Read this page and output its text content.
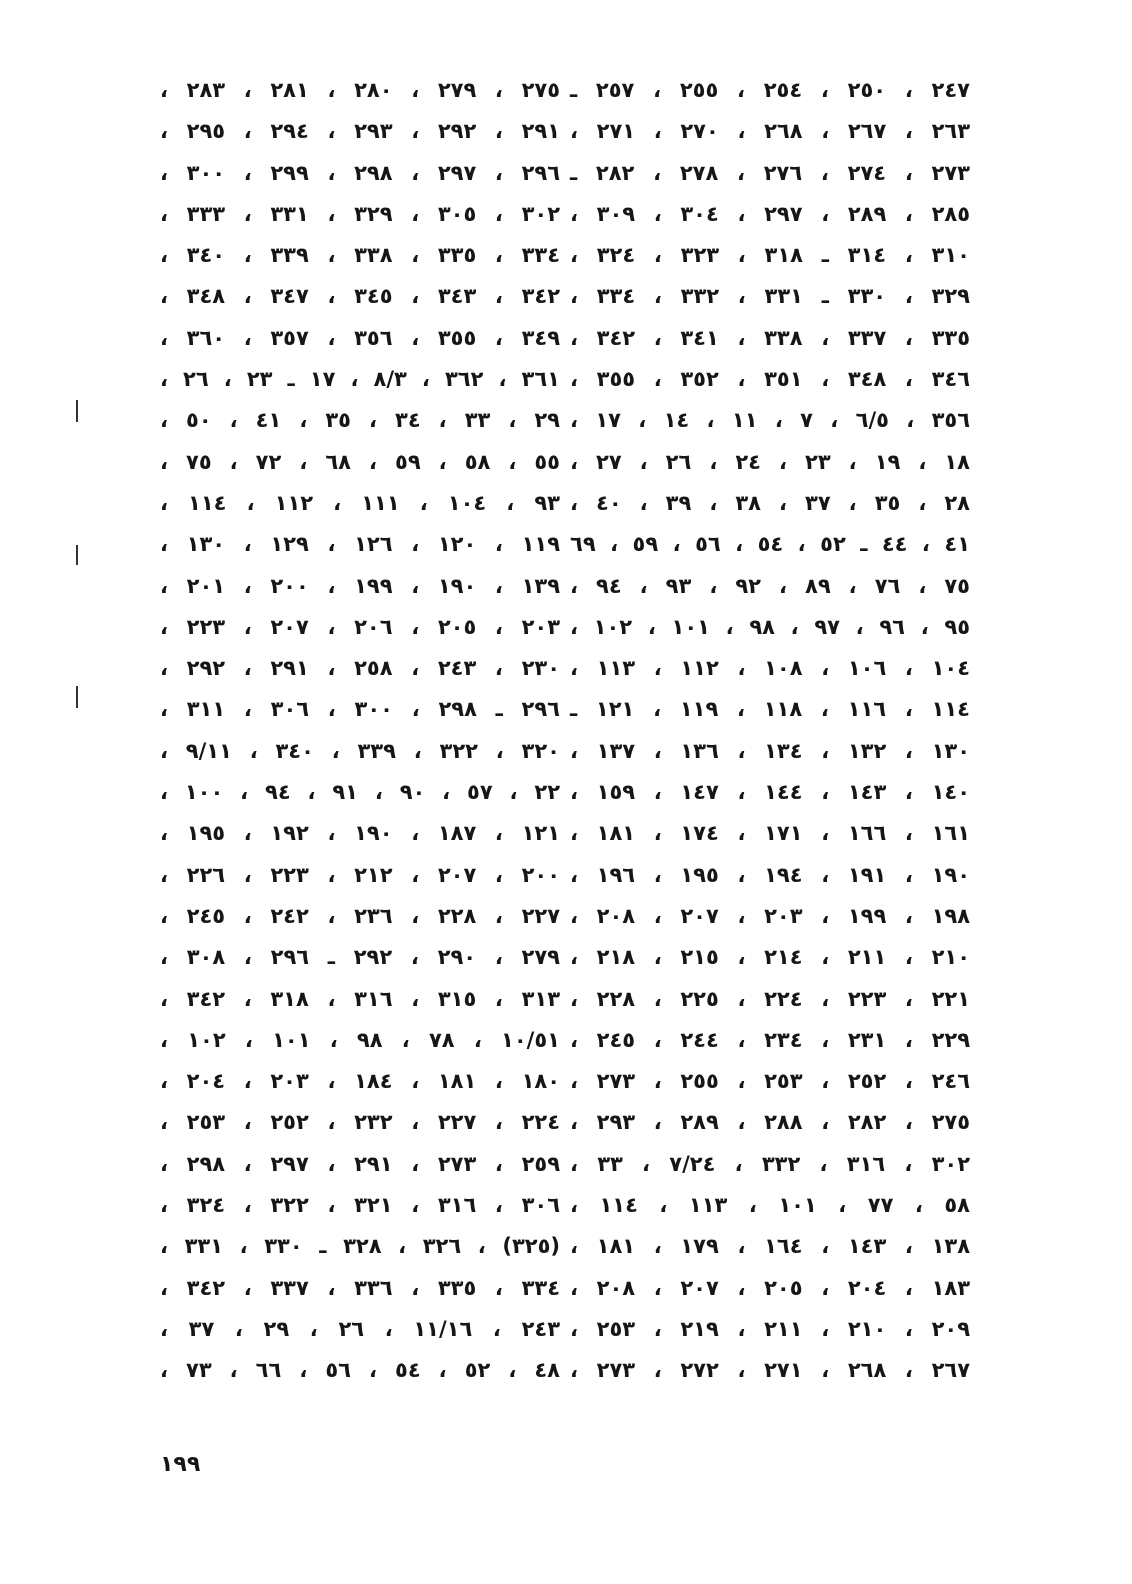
٢٤٧ ، ٢٥٠ ، ٢٥٤ ، ٢٥٥ ، ٢٥٧ ـ
٢٦٣ ، ٢٦٧ ، ٢٦٨ ، ٢٧٠ ، ٢٧١ ،
٢٧٣ ، ٢٧٤ ، ٢٧٦ ، ٢٧٨ ، ٢٨٢ ـ
٢٨٥ ، ٢٨٩ ، ٢٩٧ ، ٣٠٤ ، ٣٠٩ ،
٣١٠ ، ٣١٤ ـ ٣١٨ ، ٣٢٣ ، ٣٢٤ ،
٣٢٩ ، ٣٣٠ ـ ٣٣١ ، ٣٣٢ ، ٣٣٤ ،
٣٣٥ ، ٣٣٧ ، ٣٣٨ ، ٣٤١ ، ٣٤٢ ،
٣٤٦ ، ٣٤٨ ، ٣٥١ ، ٣٥٢ ، ٣٥٥ ،
٣٥٦ ، ٦/٥ ، ٧ ، ١١ ، ١٤ ، ١٧ ،
١٨ ، ١٩ ، ٢٣ ، ٢٤ ، ٢٦ ، ٢٧ ،
٢٨ ، ٣٥ ، ٣٧ ، ٣٨ ، ٣٩ ، ٤٠ ،
٤١ ، ٤٤ ـ ٥٢ ، ٥٤ ، ٥٦ ، ٥٩ ، ٦٩
٧٥ ، ٧٦ ، ٨٩ ، ٩٢ ، ٩٣ ، ٩٤ ،
٩٥ ، ٩٦ ، ٩٧ ، ٩٨ ، ١٠١ ، ١٠٢ ،
١٠٤ ، ١٠٦ ، ١٠٨ ، ١١٢ ، ١١٣ ،
١١٤ ، ١١٦ ، ١١٨ ، ١١٩ ، ١٢١ ـ
١٣٠ ، ١٣٢ ، ١٣٤ ، ١٣٦ ، ١٣٧ ،
١٤٠ ، ١٤٣ ، ١٤٤ ، ١٤٧ ، ١٥٩ ،
١٦١ ، ١٦٦ ، ١٧١ ، ١٧٤ ، ١٨١ ،
١٩٠ ، ١٩١ ، ١٩٤ ، ١٩٥ ، ١٩٦ ،
١٩٨ ، ١٩٩ ، ٢٠٣ ، ٢٠٧ ، ٢٠٨ ،
٢١٠ ، ٢١١ ، ٢١٤ ، ٢١٥ ، ٢١٨ ،
٢٢١ ، ٢٢٣ ، ٢٢٤ ، ٢٢٥ ، ٢٢٨ ،
٢٢٩ ، ٢٣١ ، ٢٣٤ ، ٢٤٤ ، ٢٤٥ ،
٢٤٦ ، ٢٥٢ ، ٢٥٣ ، ٢٥٥ ، ٢٧٣ ،
٢٧٥ ، ٢٨٢ ، ٢٨٨ ، ٢٨٩ ، ٢٩٣ ،
٣٠٢ ، ٣١٦ ، ٣٣٢ ، ٧/٢٤ ، ٣٣ ،
٥٨ ، ٧٧ ، ١٠١ ، ١١٣ ، ١١٤ ،
١٣٨ ، ١٤٣ ، ١٦٤ ، ١٧٩ ، ١٨١ ،
١٨٣ ، ٢٠٤ ، ٢٠٥ ، ٢٠٧ ، ٢٠٨ ،
٢٠٩ ، ٢١٠ ، ٢١١ ، ٢١٩ ، ٢٥٣ ،
٢٦٧ ، ٢٦٨ ، ٢٧١ ، ٢٧٢ ، ٢٧٣ ،
٢٧٥ ، ٢٧٩ ، ٢٨٠ ، ٢٨١ ، ٢٨٣ ،
٢٩١ ، ٢٩٢ ، ٢٩٣ ، ٢٩٤ ، ٢٩٥ ،
٢٩٦ ، ٢٩٧ ، ٢٩٨ ، ٢٩٩ ، ٣٠٠ ،
٣٠٢ ، ٣٠٥ ، ٣٢٩ ، ٣٣١ ، ٣٣٣ ،
٣٣٤ ، ٣٣٥ ، ٣٣٨ ، ٣٣٩ ، ٣٤٠ ،
٣٤٢ ، ٣٤٣ ، ٣٤٥ ، ٣٤٧ ، ٣٤٨ ،
٣٤٩ ، ٣٥٥ ، ٣٥٦ ، ٣٥٧ ، ٣٦٠ ،
٣٦١ ، ٣٦٢ ، ٨/٣ ، ١٧ ـ ٢٣ ، ٢٦ ،
٢٩ ، ٣٣ ، ٣٤ ، ٣٥ ، ٤١ ، ٥٠ ،
٥٥ ، ٥٨ ، ٥٩ ، ٦٨ ، ٧٢ ، ٧٥ ،
٩٣ ، ١٠٤ ، ١١١ ، ١١٢ ، ١١٤ ،
١١٩ ، ١٢٠ ، ١٢٦ ، ١٢٩ ، ١٣٠ ،
١٣٩ ، ١٩٠ ، ١٩٩ ، ٢٠٠ ، ٢٠١ ،
٢٠٣ ، ٢٠٥ ، ٢٠٦ ، ٢٠٧ ، ٢٢٣ ،
٢٣٠ ، ٢٤٣ ، ٢٥٨ ، ٢٩١ ، ٢٩٢ ،
٢٩٦ ـ ٢٩٨ ، ٣٠٠ ، ٣٠٦ ، ٣١١ ،
٣٢٠ ، ٣٢٢ ، ٣٣٩ ، ٣٤٠ ، ٩/١١ ،
٢٢ ، ٥٧ ، ٩٠ ، ٩١ ، ٩٤ ، ١٠٠ ،
١٢١ ، ١٨٧ ، ١٩٠ ، ١٩٢ ، ١٩٥ ،
٢٠٠ ، ٢٠٧ ، ٢١٢ ، ٢٢٣ ، ٢٢٦ ،
٢٢٧ ، ٢٢٨ ، ٢٣٦ ، ٢٤٢ ، ٢٤٥ ،
٢٧٩ ، ٢٩٠ ، ٢٩٢ ـ ٢٩٦ ، ٣٠٨ ،
٣١٣ ، ٣١٥ ، ٣١٦ ، ٣١٨ ، ٣٤٢ ،
١٠/٥١ ، ٧٨ ، ٩٨ ، ١٠١ ، ١٠٢ ،
١٨٠ ، ١٨١ ، ١٨٤ ، ٢٠٣ ، ٢٠٤ ،
٢٢٤ ، ٢٢٧ ، ٢٣٢ ، ٢٥٢ ، ٢٥٣ ،
٢٥٩ ، ٢٧٣ ، ٢٩١ ، ٢٩٧ ، ٢٩٨ ،
٣٠٦ ، ٣١٦ ، ٣٢١ ، ٣٢٢ ، ٣٢٤ ،
(٣٢٥) ، ٣٢٦ ، ٣٢٨ ـ ٣٣٠ ، ٣٣١ ،
٣٣٤ ، ٣٣٥ ، ٣٣٦ ، ٣٣٧ ، ٣٤٢ ،
٢٤٣ ، ١١/١٦ ، ٢٦ ، ٢٩ ، ٣٧ ،
٤٨ ، ٥٢ ، ٥٤ ، ٥٦ ، ٦٦ ، ٧٣ ،
١٩٩
